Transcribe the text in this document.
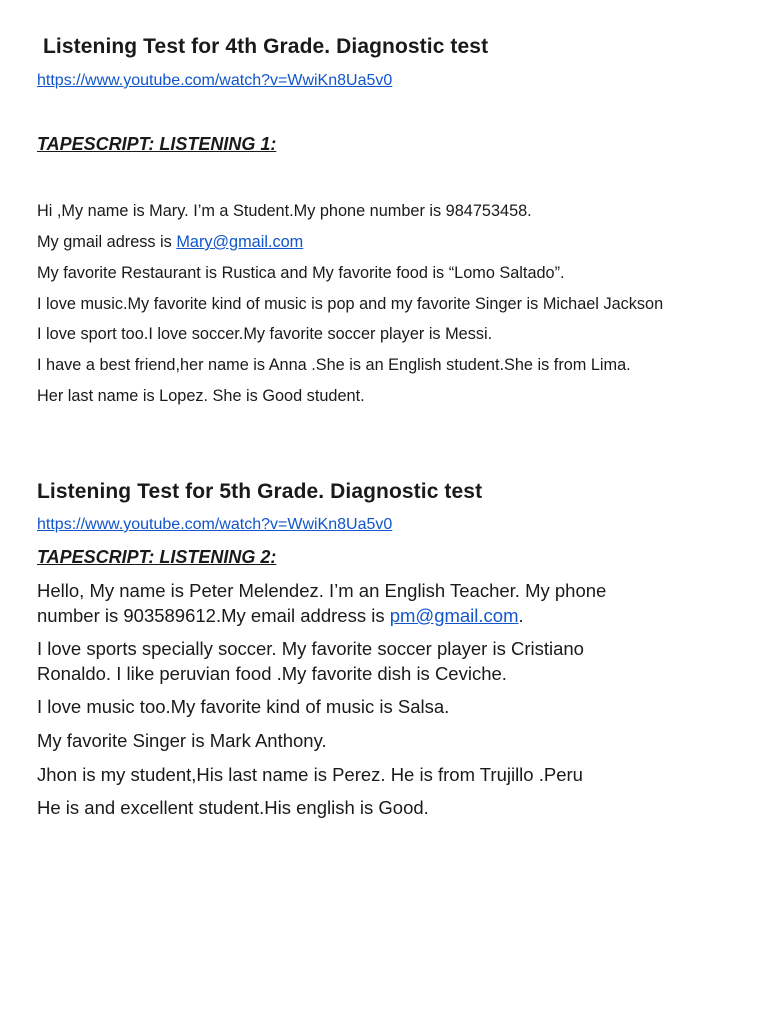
Listening Test for 4th Grade. Diagnostic test
https://www.youtube.com/watch?v=WwiKn8Ua5v0
TAPESCRIPT: LISTENING 1:
Hi ,My name is Mary. I’m a Student.My phone number is 984753458.
My gmail adress is Mary@gmail.com
My favorite Restaurant is Rustica and My favorite food is “Lomo Saltado”.
I love music.My favorite kind of music is pop and my favorite Singer is Michael Jackson
I love sport too.I love soccer.My favorite soccer player is Messi.
I have a best friend,her name is Anna .She is an English student.She is from Lima.
Her last name is Lopez. She is Good student.
Listening Test for 5th Grade. Diagnostic test
https://www.youtube.com/watch?v=WwiKn8Ua5v0
TAPESCRIPT: LISTENING 2:
Hello, My name is Peter Melendez. I’m an English Teacher. My phone
number is 903589612.My email address is pm@gmail.com.
I love sports specially soccer. My favorite soccer player is Cristiano
Ronaldo. I like peruvian food .My favorite dish is Ceviche.
I love music too.My favorite kind of music is Salsa.
My favorite Singer is Mark Anthony.
Jhon is my student,His last name is Perez. He is from Trujillo .Peru
He is and excellent student.His english is Good.
